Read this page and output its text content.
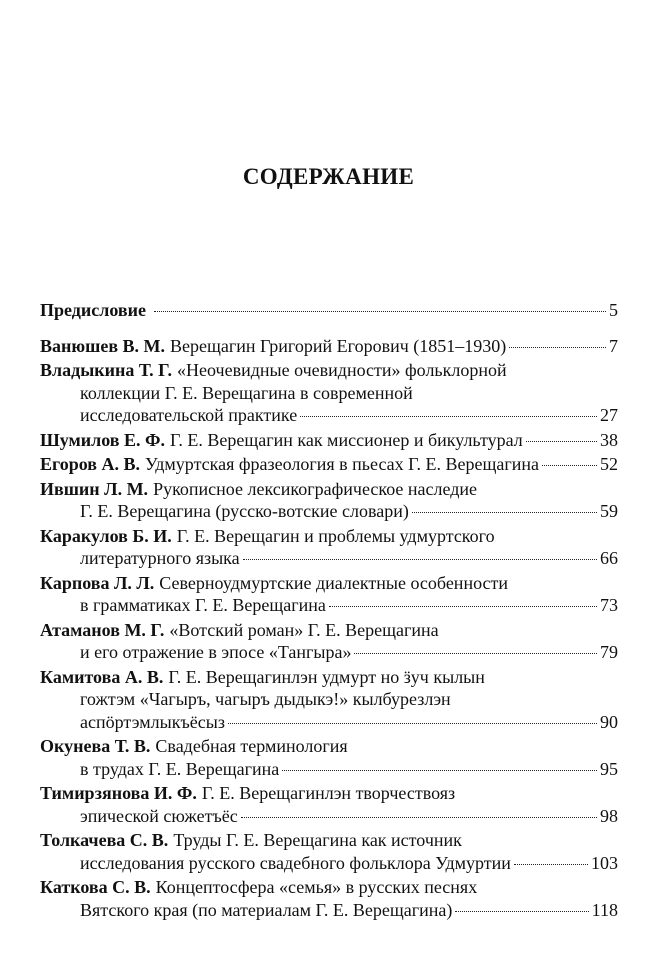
СОДЕРЖАНИЕ
Предисловие	5
Ванюшев В. М. Верещагин Григорий Егорович (1851–1930)	7
Владыкина Т. Г. «Неочевидные очевидности» фольклорной
коллекции Г. Е. Верещагина в современной
исследовательской практике	27
Шумилов Е. Ф. Г. Е. Верещагин как миссионер и бикультурал	38
Егоров А. В. Удмуртская фразеология в пьесах Г. Е. Верещагина	52
Ившин Л. М. Рукописное лексикографическое наследие
Г. Е. Верещагина (русско-вотские словари)	59
Каракулов Б. И. Г. Е. Верещагин и проблемы удмуртского
литературного языка	66
Карпова Л. Л. Северноудмуртские диалектные особенности
в грамматиках Г. Е. Верещагина	73
Атаманов М. Г. «Вотский роман» Г. Е. Верещагина
и его отражение в эпосе «Тангыра»	79
Камитова А. В. Г. Е. Верещагинлэн удмурт но ӟуч кылын
гожтэм «Чагыръ, чагыръ дыдыкэ!» кылбурезлэн
аспӧртэмлыкъёсыз	90
Окунева Т. В. Свадебная терминология
в трудах Г. Е. Верещагина	95
Тимирзянова И. Ф. Г. Е. Верещагинлэн творчествояз
эпической сюжетъёс	98
Толкачева С. В. Труды Г. Е. Верещагина как источник
исследования русского свадебного фольклора Удмуртии	103
Каткова С. В. Концептосфера «семья» в русских песнях
Вятского края (по материалам Г. Е. Верещагина)	118
